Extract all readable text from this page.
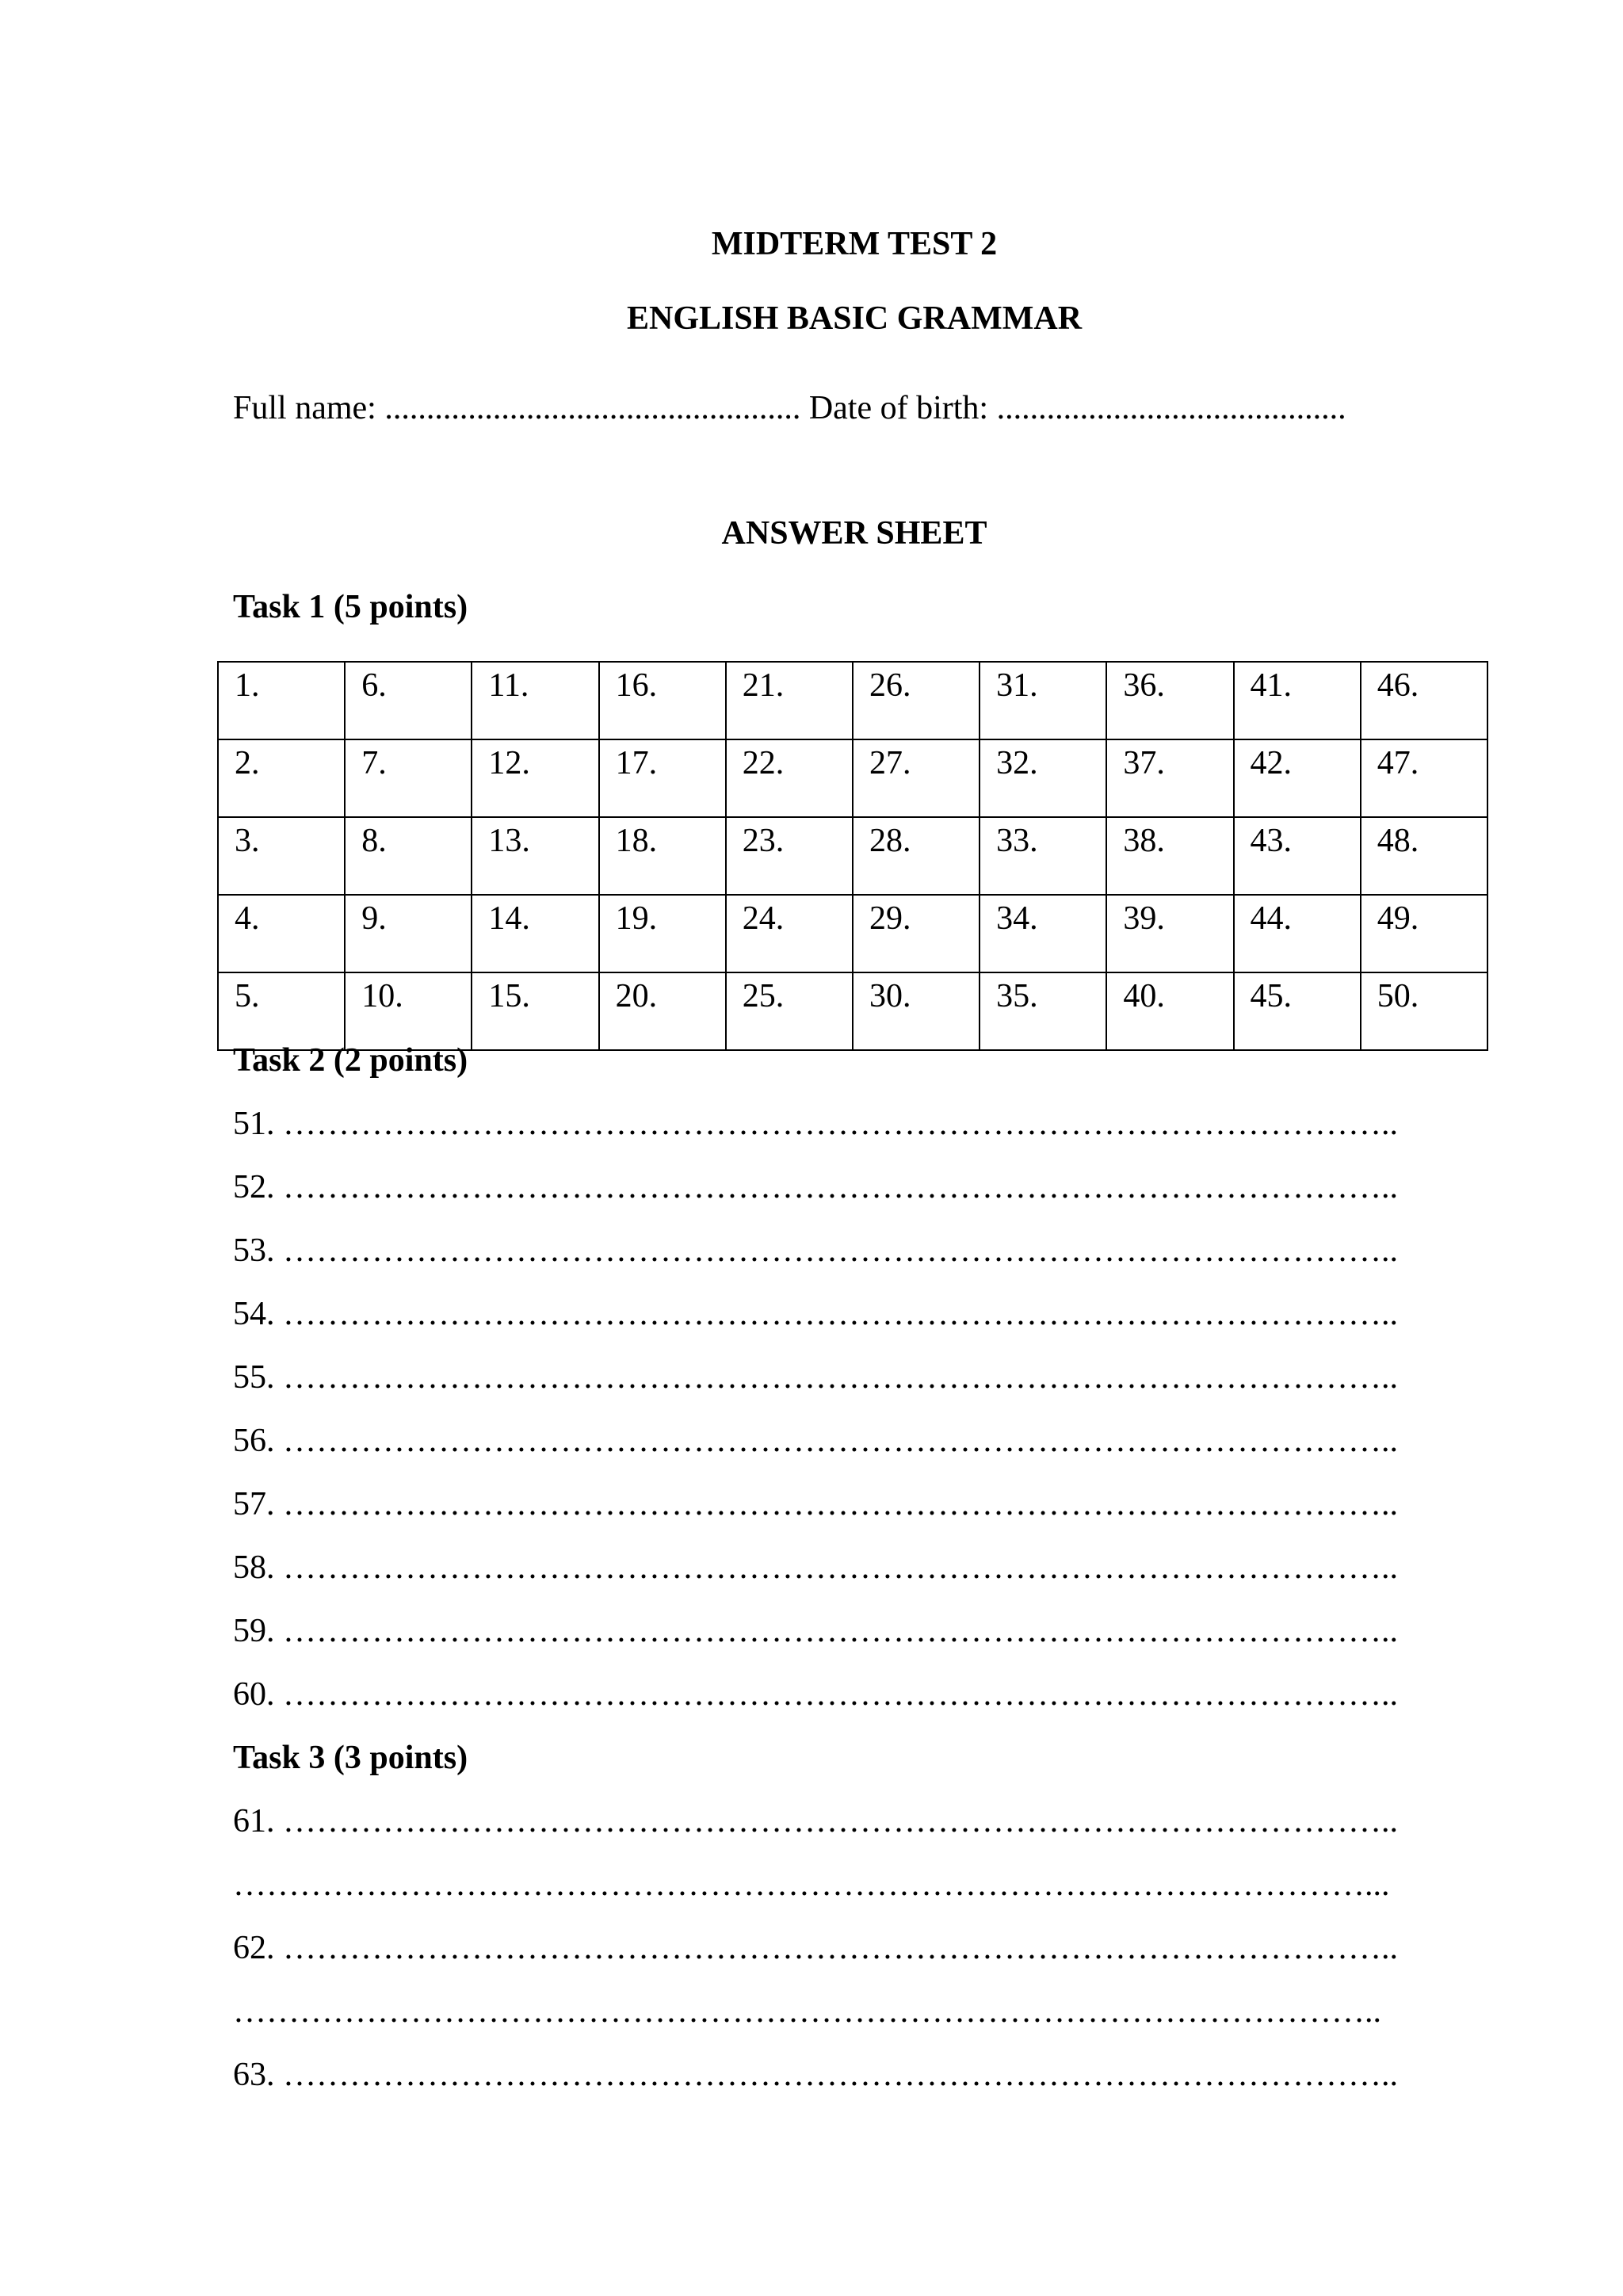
MIDTERM TEST 2
ENGLISH BASIC GRAMMAR
Full name: .................................................. Date of birth: ..........................................
ANSWER SHEET
Task 1 (5 points)
1.	6.	11.	16.	21.	26.	31.	36.	41.	46.
2.	7.	12.	17.	22.	27.	32.	37.	42.	47.
3.	8.	13.	18.	23.	28.	33.	38.	43.	48.
4.	9.	14.	19.	24.	29.	34.	39.	44.	49.
5.	10.	15.	20.	25.	30.	35.	40.	45.	50.
Task 2 (2 points)
51. ………………………………………………………………………………………..
52. ………………………………………………………………………………………..
53. ………………………………………………………………………………………..
54. ………………………………………………………………………………………..
55. ………………………………………………………………………………………..
56. ………………………………………………………………………………………..
57. ………………………………………………………………………………………..
58. ………………………………………………………………………………………..
59. ………………………………………………………………………………………..
60. ………………………………………………………………………………………..
Task 3 (3 points)
61. ………………………………………………………………………………………..
…………………………………………………………………………………………...
62. ………………………………………………………………………………………..
…………………………………………………………………………………………..
63. ………………………………………………………………………………………..
